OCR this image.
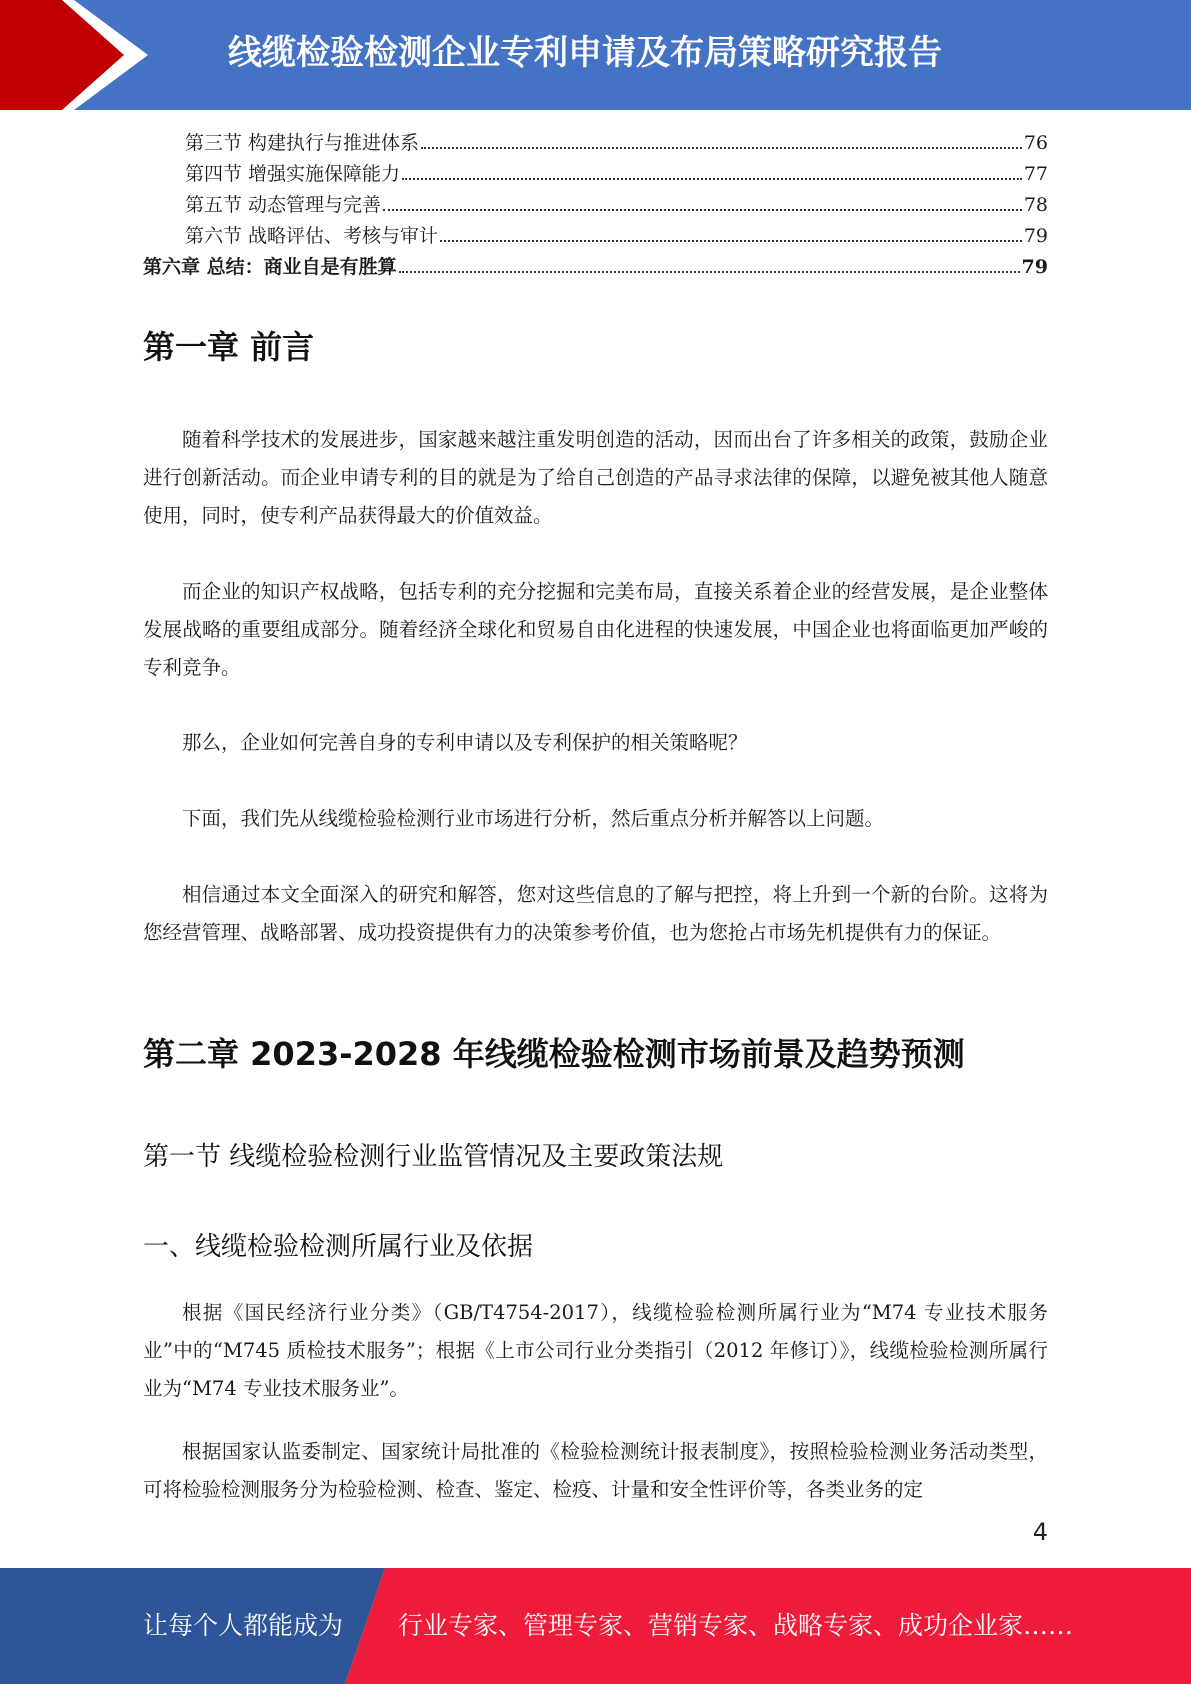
线缆检验检测企业专利申请及布局策略研究报告
第三节 构建执行与推进体系	76
第四节 增强实施保障能力	77
第五节 动态管理与完善	78
第六节 战略评估、考核与审计	79
第六章 总结：商业自是有胜算	79
第一章 前言

随着科学技术的发展进步，国家越来越注重发明创造的活动，因而出台了许多相关的政策，鼓励企业进行创新活动。而企业申请专利的目的就是为了给自己创造的产品寻求法律的保障，以避免被其他人随意使用，同时，使专利产品获得最大的价值效益。

而企业的知识产权战略，包括专利的充分挖掘和完美布局，直接关系着企业的经营发展，是企业整体发展战略的重要组成部分。随着经济全球化和贸易自由化进程的快速发展，中国企业也将面临更加严峻的专利竞争。

那么，企业如何完善自身的专利申请以及专利保护的相关策略呢？

下面，我们先从线缆检验检测行业市场进行分析，然后重点分析并解答以上问题。

相信通过本文全面深入的研究和解答，您对这些信息的了解与把控，将上升到一个新的台阶。这将为您经营管理、战略部署、成功投资提供有力的决策参考价值，也为您抢占市场先机提供有力的保证。

第二章 2023-2028 年线缆检验检测市场前景及趋势预测
第一节 线缆检验检测行业监管情况及主要政策法规
一、线缆检验检测所属行业及依据

根据《国民经济行业分类》（GB/T4754-2017），线缆检验检测所属行业为“M74 专业技术服务业”中的“M745 质检技术服务”；根据《上市公司行业分类指引（2012 年修订）》，线缆检验检测所属行业为“M74 专业技术服务业”。

根据国家认监委制定、国家统计局批准的《检验检测统计报表制度》，按照检验检测业务活动类型，可将检验检测服务分为检验检测、检查、鉴定、检疫、计量和安全性评价等，各类业务的定

4
让每个人都能成为 行业专家、管理专家、营销专家、战略专家、成功企业家……
